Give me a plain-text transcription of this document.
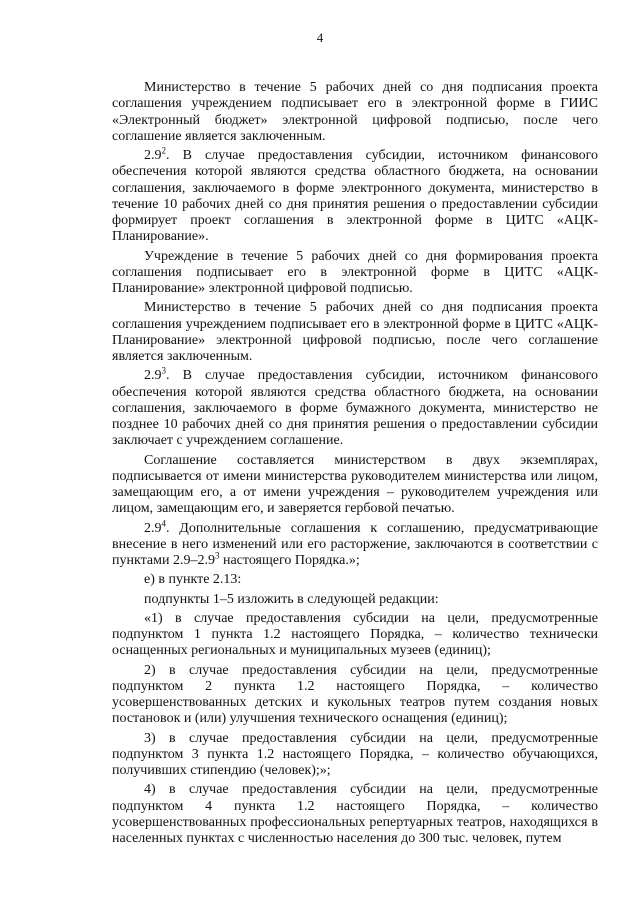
4

Министерство в течение 5 рабочих дней со дня подписания проекта соглашения учреждением подписывает его в электронной форме в ГИИС «Электронный бюджет» электронной цифровой подписью, после чего соглашение является заключенным.

$2.9^2$. В случае предоставления субсидии, источником финансового обеспечения которой являются средства областного бюджета, на основании соглашения, заключаемого в форме электронного документа, министерство в течение 10 рабочих дней со дня принятия решения о предоставлении субсидии формирует проект соглашения в электронной форме в ЦИТС «АЦК-Планирование».

Учреждение в течение 5 рабочих дней со дня формирования проекта соглашения подписывает его в электронной форме в ЦИТС «АЦК-Планирование» электронной цифровой подписью.

Министерство в течение 5 рабочих дней со дня подписания проекта соглашения учреждением подписывает его в электронной форме в ЦИТС «АЦК-Планирование» электронной цифровой подписью, после чего соглашение является заключенным.

$2.9^3$. В случае предоставления субсидии, источником финансового обеспечения которой являются средства областного бюджета, на основании соглашения, заключаемого в форме бумажного документа, министерство не позднее 10 рабочих дней со дня принятия решения о предоставлении субсидии заключает с учреждением соглашение.

Соглашение составляется министерством в двух экземплярах, подписывается от имени министерства руководителем министерства или лицом, замещающим его, а от имени учреждения – руководителем учреждения или лицом, замещающим его, и заверяется гербовой печатью.

$2.9^4$. Дополнительные соглашения к соглашению, предусматривающие внесение в него изменений или его расторжение, заключаются в соответствии с пунктами $2.9-2.9^3$ настоящего Порядка.»;

е) в пункте 2.13:

подпункты 1–5 изложить в следующей редакции:

«1) в случае предоставления субсидии на цели, предусмотренные подпунктом 1 пункта 1.2 настоящего Порядка, – количество технически оснащенных региональных и муниципальных музеев (единиц);

2) в случае предоставления субсидии на цели, предусмотренные подпунктом 2 пункта 1.2 настоящего Порядка, – количество усовершенствованных детских и кукольных театров путем создания новых постановок и (или) улучшения технического оснащения (единиц);

3) в случае предоставления субсидии на цели, предусмотренные подпунктом 3 пункта 1.2 настоящего Порядка, – количество обучающихся, получивших стипендию (человек);»;

4) в случае предоставления субсидии на цели, предусмотренные подпунктом 4 пункта 1.2 настоящего Порядка, – количество усовершенствованных профессиональных репертуарных театров, находящихся в населенных пунктах с численностью населения до 300 тыс. человек, путем
